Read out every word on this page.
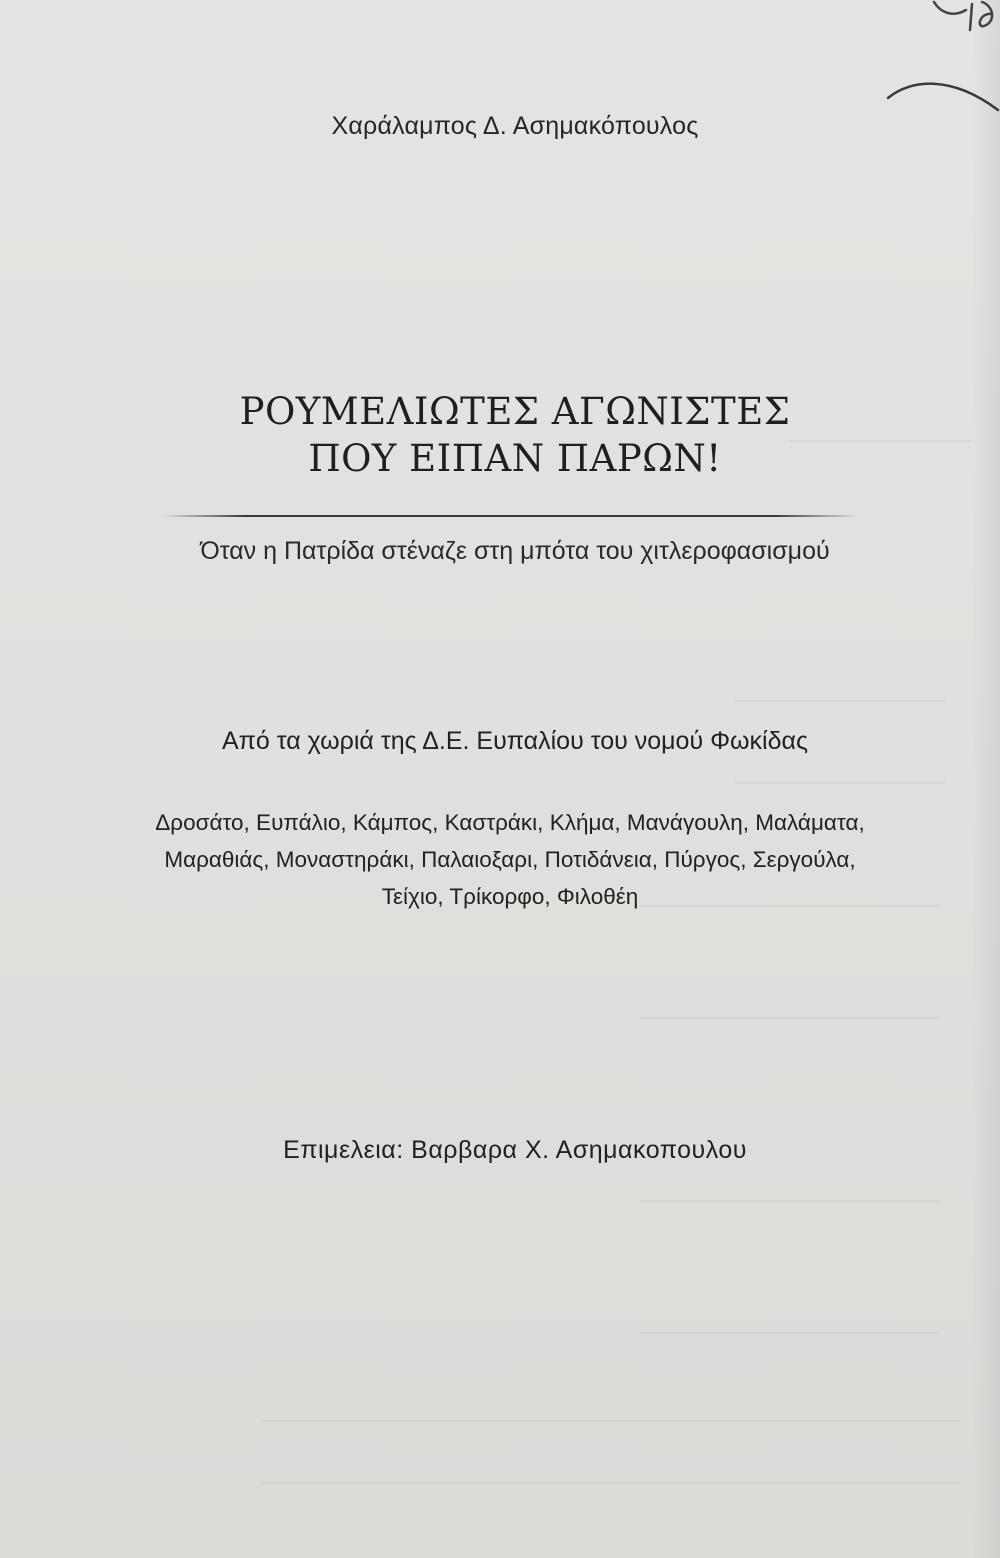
Χαράλαμπος Δ. Ασημακόπουλος
ΡΟΥΜΕΛΙΩΤΕΣ ΑΓΩΝΙΣΤΕΣ
ΠΟΥ ΕΙΠΑΝ ΠΑΡΩΝ!
Όταν η Πατρίδα στέναζε στη μπότα του χιτλεροφασισμού
Από τα χωριά της Δ.Ε. Ευπαλίου του νομού Φωκίδας
Δροσάτο, Ευπάλιο, Κάμπος, Καστράκι, Κλήμα, Μανάγουλη, Μαλάματα,
Μαραθιάς, Μοναστηράκι, Παλαιοξαρι, Ποτιδάνεια, Πύργος, Σεργούλα,
Τείχιο, Τρίκορφο, Φιλοθέη
Επιμελεια: Βαρβαρα Χ. Ασημακοπουλου
